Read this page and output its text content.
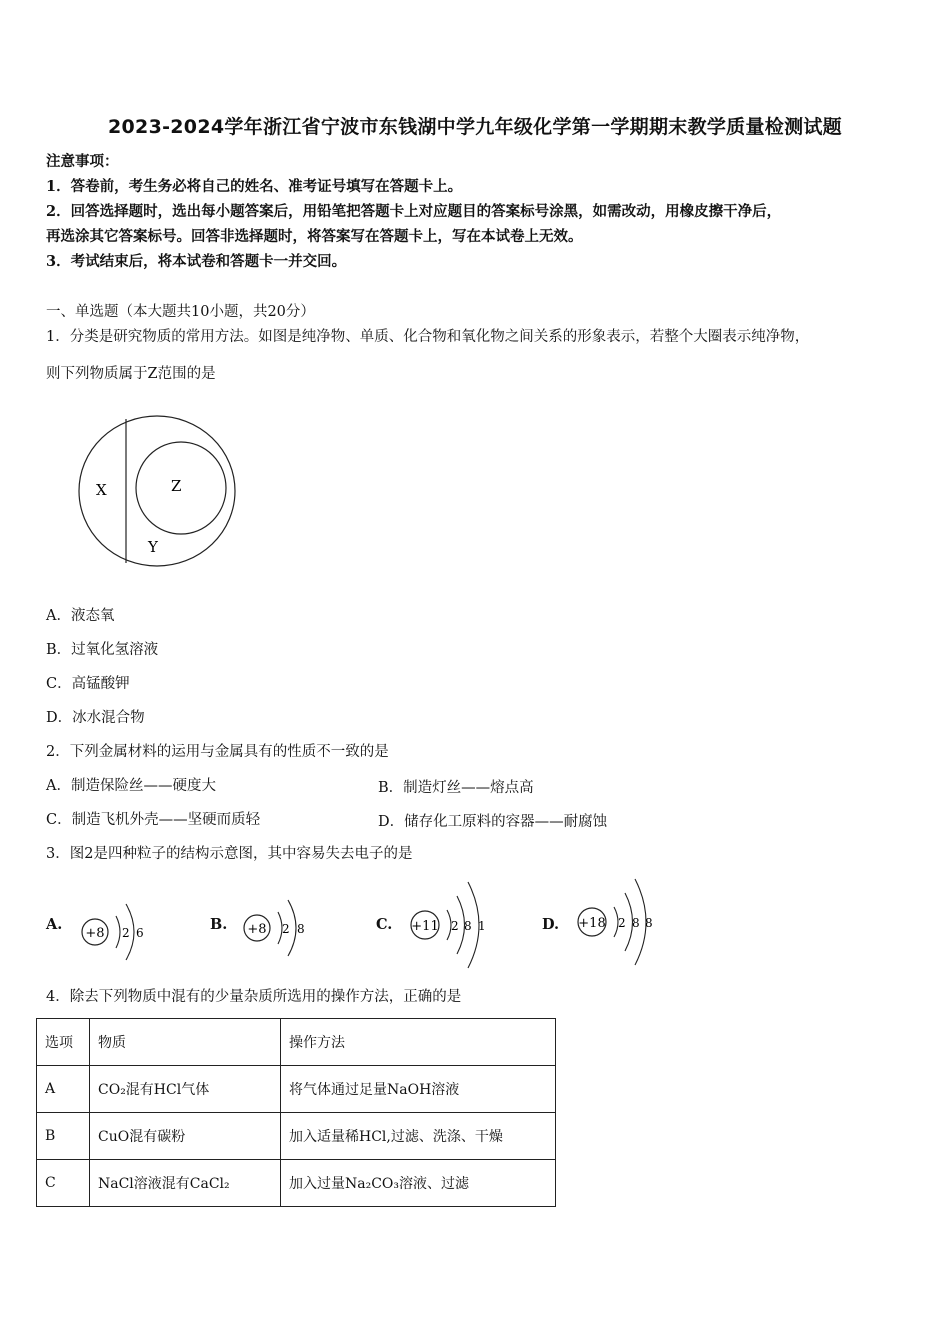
2023-2024学年浙江省宁波市东钱湖中学九年级化学第一学期期末教学质量检测试题
注意事项：
1．答卷前，考生务必将自己的姓名、准考证号填写在答题卡上。
2．回答选择题时，选出每小题答案后，用铅笔把答题卡上对应题目的答案标号涂黑，如需改动，用橡皮擦干净后，
再选涂其它答案标号。回答非选择题时，将答案写在答题卡上，写在本试卷上无效。
3．考试结束后，将本试卷和答题卡一并交回。
一、单选题（本大题共10小题，共20分）
1．分类是研究物质的常用方法。如图是纯净物、单质、化合物和氧化物之间关系的形象表示，若整个大圈表示纯净物，
则下列物质属于Z范围的是
X	Z
Y
A．液态氧
B．过氧化氢溶液
C．高锰酸钾
D．冰水混合物
2．下列金属材料的运用与金属具有的性质不一致的是
A．制造保险丝——硬度大	B．制造灯丝——熔点高
C．制造飞机外壳——坚硬而质轻	D．储存化工原料的容器——耐腐蚀
3．图2是四种粒子的结构示意图，其中容易失去电子的是
A.
+8 2 6	B. +8 2 8	C. +11 2 8 1	D. +18 2 8 8
4．除去下列物质中混有的少量杂质所选用的操作方法，正确的是
选项	物质	操作方法
A	CO₂混有HCl气体	将气体通过足量NaOH溶液
B	CuO混有碳粉	加入适量稀HCl,过滤、洗涤、干燥
C	NaCl溶液混有CaCl₂	加入过量Na₂CO₃溶液、过滤
